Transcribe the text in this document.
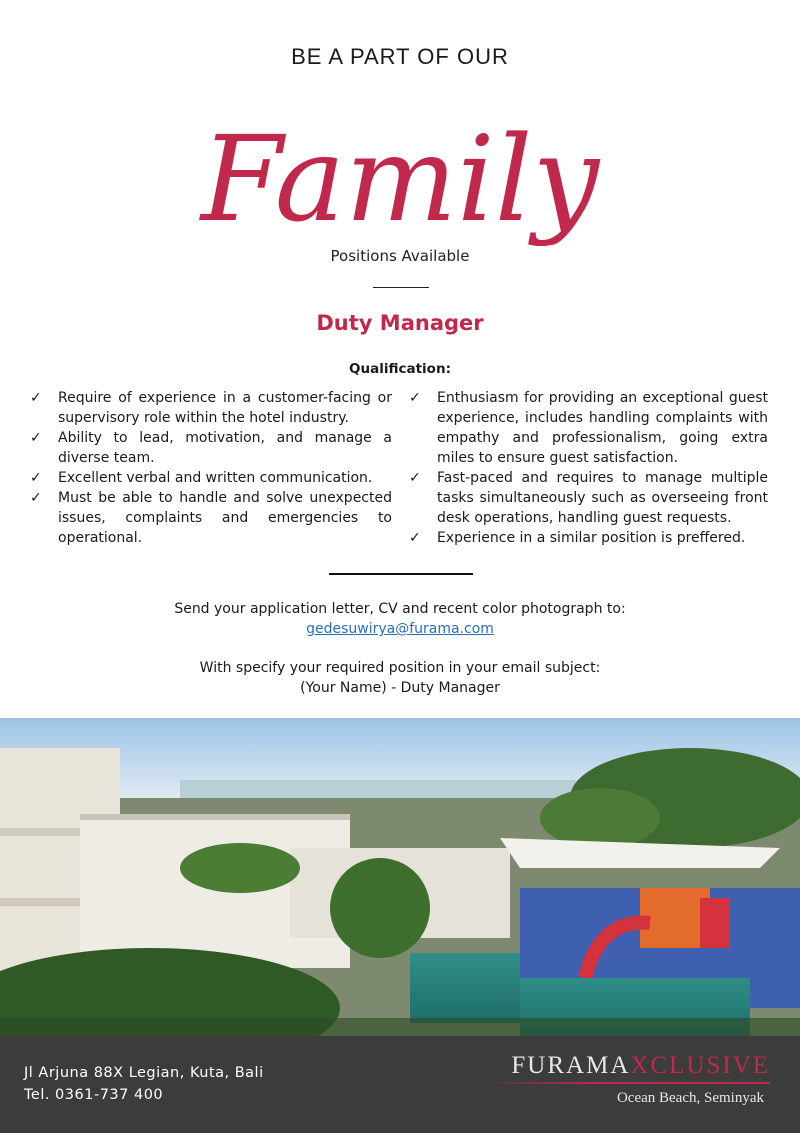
BE A PART OF OUR
Family
Positions Available
Duty Manager
Qualification:

✓ Require of experience in a customer-facing or supervisory role within the hotel industry.

✓ Ability to lead, motivation, and manage a diverse team.

✓ Excellent verbal and written communication.

✓ Must be able to handle and solve unexpected issues, complaints and emergencies to operational.

✓ Enthusiasm for providing an exceptional guest experience, includes handling complaints with empathy and professionalism, going extra miles to ensure guest satisfaction.

✓ Fast-paced and requires to manage multiple tasks simultaneously such as overseeing front desk operations, handling guest requests.

✓ Experience in a similar position is preffered.

Send your application letter, CV and recent color photograph to:
gedesuwirya@furama.com
With specify your required position in your email subject:
(Your Name) - Duty Manager
Jl Arjuna 88X Legian, Kuta, Bali
Tel. 0361-737 400
FURAMAXCLUSIVE
Ocean Beach, Seminyak
